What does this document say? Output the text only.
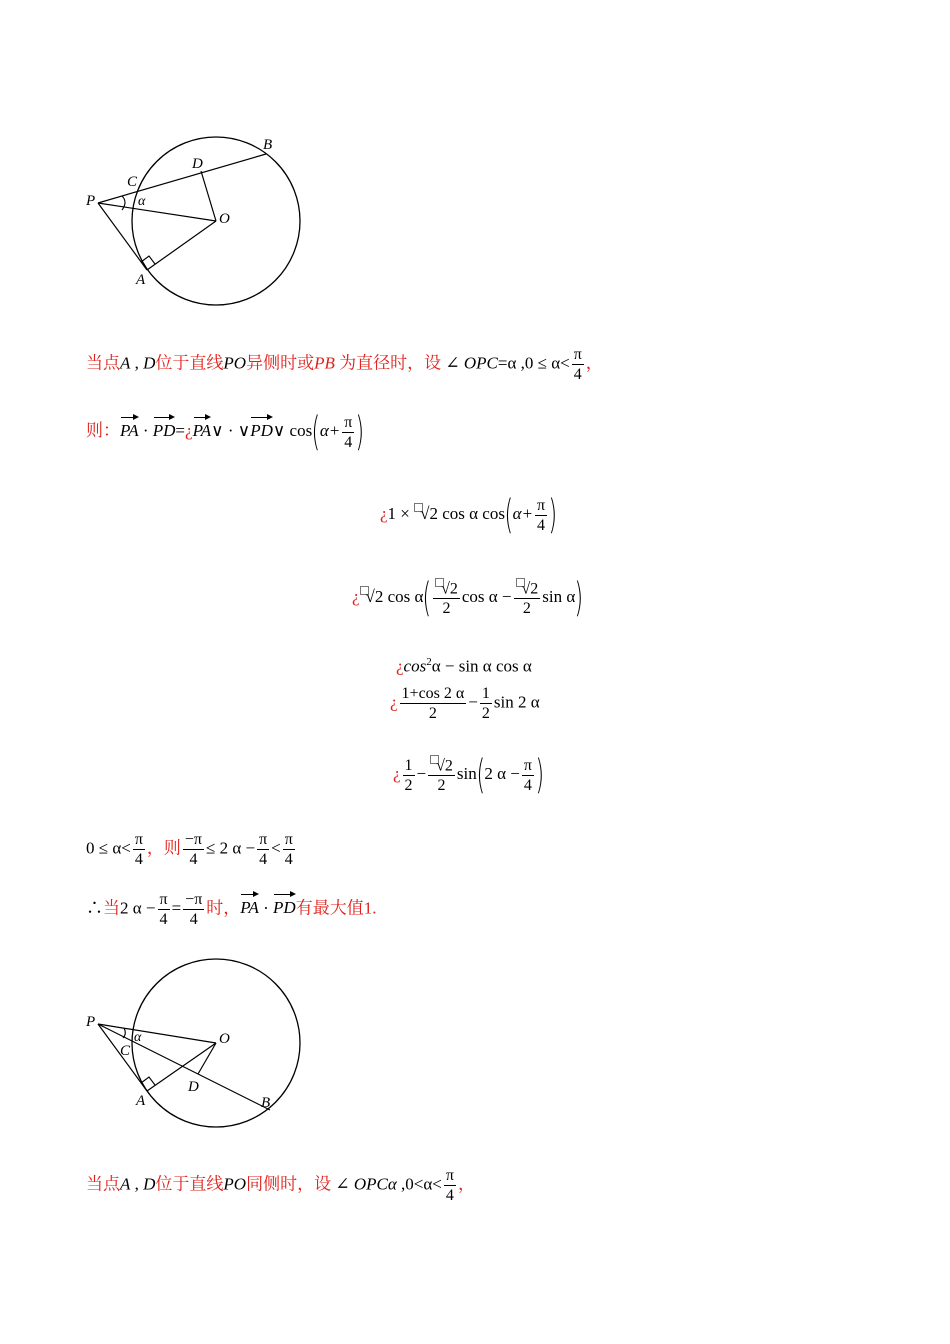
P
C
D
B
O
A
α
当点A , D位于直线PO异侧时或PB 为直径时，设 ∠ OPC=α $,0 \le \alpha< \frac{\pi}{4}$ ，
则：PA · PD=¿PA∨ · ∨PD∨ $\cos(\alpha+ \frac{\pi}{4}$ )
¿1 × √2 cos α $\cos(\alpha+ \frac{\pi}{4}$ )
¿ √2 $\cos \alpha( \frac{√2}{2}$ $\cos \alpha - \frac{√2}{2}$ sin α)
¿$\cos^2\alpha - \sin \alpha$ cos α
¿ $\frac{1+\cos 2 \alpha}{2} - \frac{1}{2}$ sin 2 α
¿ $\frac{1}{2} - \frac{√2}{2} \sin(2$ $\alpha - \frac{\pi}{4}$ )
$0 \le \alpha< \frac{\pi}{4}$ ，则 $\frac{-\pi}{4} \le 2$ $\alpha - \frac{\pi}{4} < \frac{\pi}{4}$
∴当2 $\alpha - \frac{\pi}{4} = \frac{-\pi}{4}$ 时，PA · PD有最大值1.
P
C
D
B
O
A
α
当点A , D位于直线PO同侧时，设 ∠ OPCα $,0<\alpha< \frac{\pi}{4}$ ，
